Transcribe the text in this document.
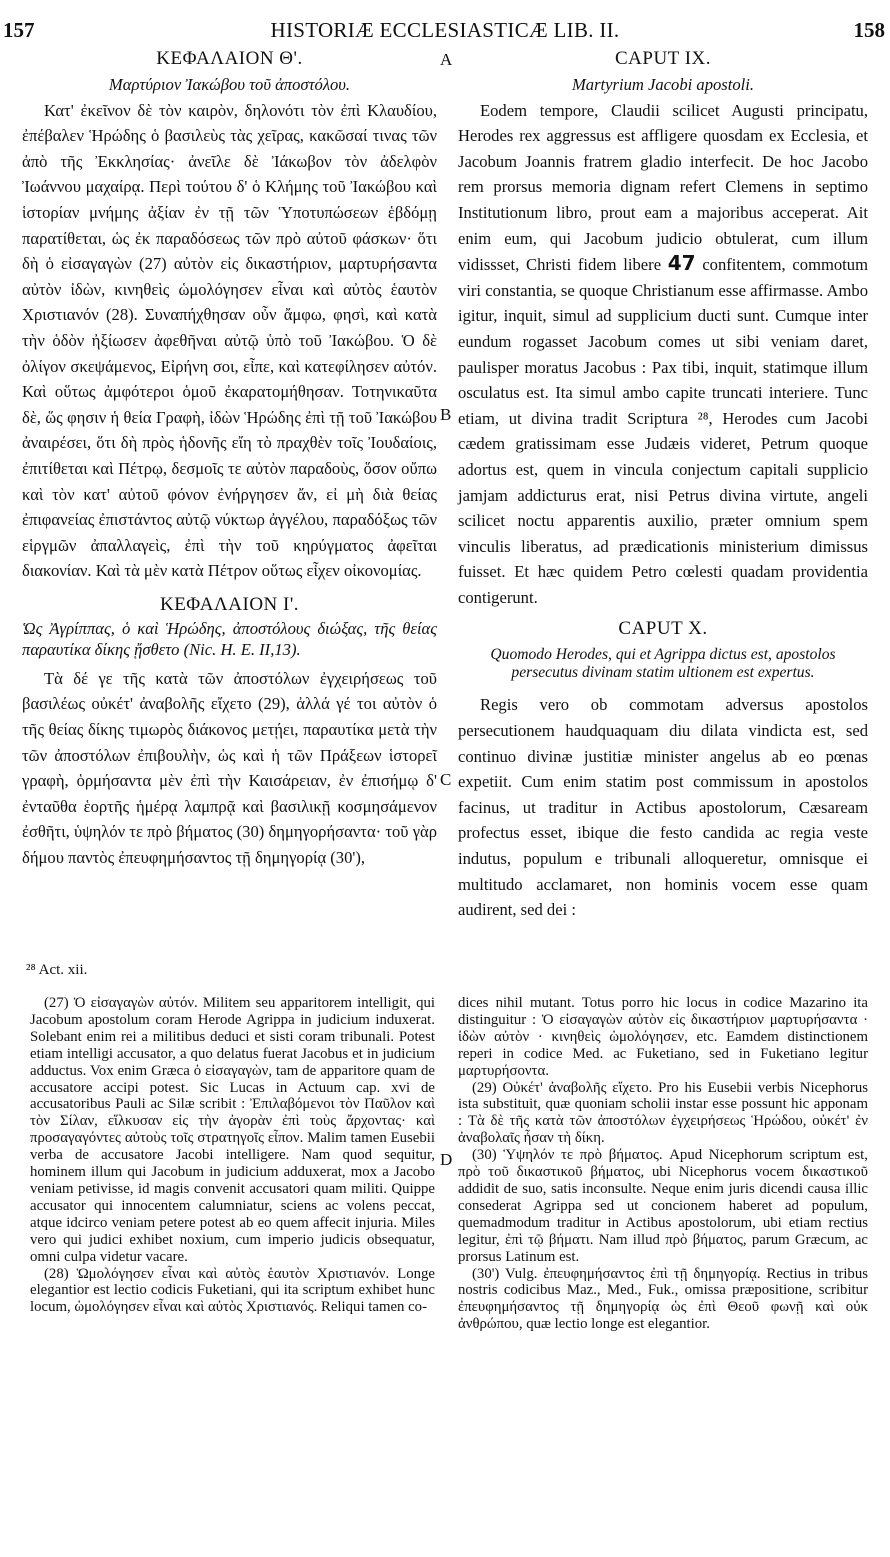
157	HISTORIÆ ECCLESIASTICÆ LIB. II.	158
A
B
C
D

ΚΕΦΑΛΑΙΟΝ Θ'.

Μαρτύριον Ἰακώβου τοῦ ἀποστόλου.

Κατ' ἐκεῖνον δὲ τὸν καιρὸν, δηλονότι τὸν ἐπὶ Κλαυδίου, ἐπέβαλεν Ἡρώδης ὁ βασιλεὺς τὰς χεῖρας, κακῶσαί τινας τῶν ἀπὸ τῆς Ἐκκλησίας· ἀνεῖλε δὲ Ἰάκωβον τὸν ἀδελφὸν Ἰωάννου μαχαίρᾳ. Περὶ τούτου δ' ὁ Κλήμης τοῦ Ἰακώβου καὶ ἱστορίαν μνήμης ἀξίαν ἐν τῇ τῶν Ὑποτυπώσεων ἑβδόμῃ παρατίθεται, ὡς ἐκ παραδόσεως τῶν πρὸ αὐτοῦ φάσκων· ὅτι δὴ ὁ εἰσαγαγὼν (27) αὐτὸν εἰς δικαστήριον, μαρτυρήσαντα αὐτὸν ἰδὼν, κινηθεὶς ὡμολόγησεν εἶναι καὶ αὐτὸς ἑαυτὸν Χριστιανόν (28). Συναπήχθησαν οὖν ἄμφω, φησὶ, καὶ κατὰ τὴν ὁδὸν ἠξίωσεν ἀφεθῆναι αὐτῷ ὑπὸ τοῦ Ἰακώβου. Ὁ δὲ ὀλίγον σκεψάμενος, Εἰρήνη σοι, εἶπε, καὶ κατεφίλησεν αὐτόν. Καὶ οὕτως ἀμφότεροι ὁμοῦ ἐκαρατομήθησαν. Τοτηνικαῦτα δὲ, ὥς φησιν ἡ θεία Γραφὴ, ἰδὼν Ἡρώδης ἐπὶ τῇ τοῦ Ἰακώβου ἀναιρέσει, ὅτι δὴ πρὸς ἡδονῆς εἴη τὸ πραχθὲν τοῖς Ἰουδαίοις, ἐπιτίθεται καὶ Πέτρῳ, δεσμοῖς τε αὐτὸν παραδοὺς, ὅσον οὔπω καὶ τὸν κατ' αὐτοῦ φόνον ἐνήργησεν ἄν, εἰ μὴ διὰ θείας ἐπιφανείας ἐπιστάντος αὐτῷ νύκτωρ ἀγγέλου, παραδόξως τῶν εἱργμῶν ἀπαλλαγεὶς, ἐπὶ τὴν τοῦ κηρύγματος ἀφεῖται διακονίαν. Καὶ τὰ μὲν κατὰ Πέτρον οὕτως εἶχεν οἰκονομίας.

ΚΕΦΑΛΑΙΟΝ Ι'.

Ὡς Ἀγρίππας, ὁ καὶ Ἡρώδης, ἀποστόλους διώξας, τῆς θείας παραυτίκα δίκης ᾔσθετο (Nic. H. E. II,13).

Τὰ δέ γε τῆς κατὰ τῶν ἀποστόλων ἐγχειρήσεως τοῦ βασιλέως οὐκέτ' ἀναβολῆς εἴχετο (29), ἀλλά γέ τοι αὐτὸν ὁ τῆς θείας δίκης τιμωρὸς διάκονος μετῄει, παραυτίκα μετὰ τὴν τῶν ἀποστόλων ἐπιβουλὴν, ὡς καὶ ἡ τῶν Πράξεων ἱστορεῖ γραφὴ, ὁρμήσαντα μὲν ἐπὶ τὴν Καισάρειαν, ἐν ἐπισήμῳ δ' ἐνταῦθα ἑορτῆς ἡμέρᾳ λαμπρᾷ καὶ βασιλικῇ κοσμησάμενον ἐσθῆτι, ὑψηλόν τε πρὸ βήματος (30) δημηγορήσαντα· τοῦ γὰρ δήμου παντὸς ἐπευφημήσαντος τῇ δημηγορίᾳ (30'),

CAPUT IX.

Martyrium Jacobi apostoli.

Eodem tempore, Claudii scilicet Augusti principatu, Herodes rex aggressus est affligere quosdam ex Ecclesia, et Jacobum Joannis fratrem gladio interfecit. De hoc Jacobo rem prorsus memoria dignam refert Clemens in septimo Institutionum libro, prout eam a majoribus acceperat. Ait enim eum, qui Jacobum judicio obtulerat, cum illum vidissset, Christi fidem libere 47 confitentem, commotum viri constantia, se quoque Christianum esse affirmasse. Ambo igitur, inquit, simul ad supplicium ducti sunt. Cumque inter eundum rogasset Jacobum comes ut sibi veniam daret, paulisper moratus Jacobus : Pax tibi, inquit, statimque illum osculatus est. Ita simul ambo capite truncati interiere. Tunc etiam, ut divina tradit Scriptura ²⁸, Herodes cum Jacobi cædem gratissimam esse Judæis videret, Petrum quoque adortus est, quem in vincula conjectum capitali supplicio jamjam addicturus erat, nisi Petrus divina virtute, angeli scilicet noctu apparentis auxilio, præter omnium spem vinculis liberatus, ad prædicationis ministerium dimissus fuisset. Et hæc quidem Petro cœlesti quadam providentia contigerunt.

CAPUT X.

Quomodo Herodes, qui et Agrippa dictus est, apostolos persecutus divinam statim ultionem est expertus.

Regis vero ob commotam adversus apostolos persecutionem haudquaquam diu dilata vindicta est, sed continuo divinæ justitiæ minister angelus ab eo pœnas expetiit. Cum enim statim post commissum in apostolos facinus, ut traditur in Actibus apostolorum, Cæsaream profectus esset, ibique die festo candida ac regia veste indutus, populum e tribunali alloqueretur, omnisque ei multitudo acclamaret, non hominis vocem esse quam audirent, sed dei :

²⁸ Act. xii.

(27) Ὁ εἰσαγαγὼν αὐτόν. Militem seu apparitorem intelligit, qui Jacobum apostolum coram Herode Agrippa in judicium induxerat. Solebant enim rei a militibus deduci et sisti coram tribunali. Potest etiam intelligi accusator, a quo delatus fuerat Jacobus et in judicium adductus. Vox enim Græca ὁ εἰσαγαγὼν, tam de apparitore quam de accusatore accipi potest. Sic Lucas in Actuum cap. xvi de accusatoribus Pauli ac Silæ scribit : Ἐπιλαβόμενοι τὸν Παῦλον καὶ τὸν Σίλαν, εἵλκυσαν εἰς τὴν ἀγορὰν ἐπὶ τοὺς ἄρχοντας· καὶ προσαγαγόντες αὐτοὺς τοῖς στρατηγοῖς εἶπον. Malim tamen Eusebii verba de accusatore Jacobi intelligere. Nam quod sequitur, hominem illum qui Jacobum in judicium adduxerat, mox a Jacobo veniam petivisse, id magis convenit accusatori quam militi. Quippe accusator qui innocentem calumniatur, sciens ac volens peccat, atque idcirco veniam petere potest ab eo quem affecit injuria. Miles vero qui judici exhibet noxium, cum imperio judicis obsequatur, omni culpa videtur vacare.

(28) Ὡμολόγησεν εἶναι καὶ αὐτὸς ἑαυτὸν Χριστιανόν. Longe elegantior est lectio codicis Fuketiani, qui ita scriptum exhibet hunc locum, ὡμολόγησεν εἶναι καὶ αὐτὸς Χριστιανός. Reliqui tamen co-

dices nihil mutant. Totus porro hic locus in codice Mazarino ita distinguitur : Ὁ εἰσαγαγὼν αὐτὸν εἰς δικαστήριον μαρτυρήσαντα · ἰδὼν αὐτὸν · κινηθεὶς ὡμολόγησεν, etc. Eamdem distinctionem reperi in codice Med. ac Fuketiano, sed in Fuketiano legitur μαρτυρήσοντα.

(29) Οὐκέτ' ἀναβολῆς εἴχετο. Pro his Eusebii verbis Nicephorus ista substituit, quæ quoniam scholii instar esse possunt hic apponam : Τὰ δὲ τῆς κατὰ τῶν ἀποστόλων ἐγχειρήσεως Ἡρώδου, οὐκέτ' ἐν ἀναβολαῖς ἦσαν τὴ δίκη.

(30) Ὑψηλόν τε πρὸ βήματος. Apud Nicephorum scriptum est, πρὸ τοῦ δικαστικοῦ βήματος, ubi Nicephorus vocem δικαστικοῦ addidit de suo, satis inconsulte. Neque enim juris dicendi causa illic consederat Agrippa sed ut concionem haberet ad populum, quemadmodum traditur in Actibus apostolorum, ubi etiam rectius legitur, ἐπὶ τῷ βήματι. Nam illud πρὸ βήματος, parum Græcum, ac prorsus Latinum est.

(30') Vulg. ἐπευφημήσαντος ἐπὶ τῇ δημηγορίᾳ. Rectius in tribus nostris codicibus Maz., Med., Fuk., omissa præpositione, scribitur ἐπευφημήσαντος τῇ δημηγορίᾳ ὡς ἐπὶ Θεοῦ φωνῇ καὶ οὐκ ἀνθρώπου, quæ lectio longe est elegantior.
